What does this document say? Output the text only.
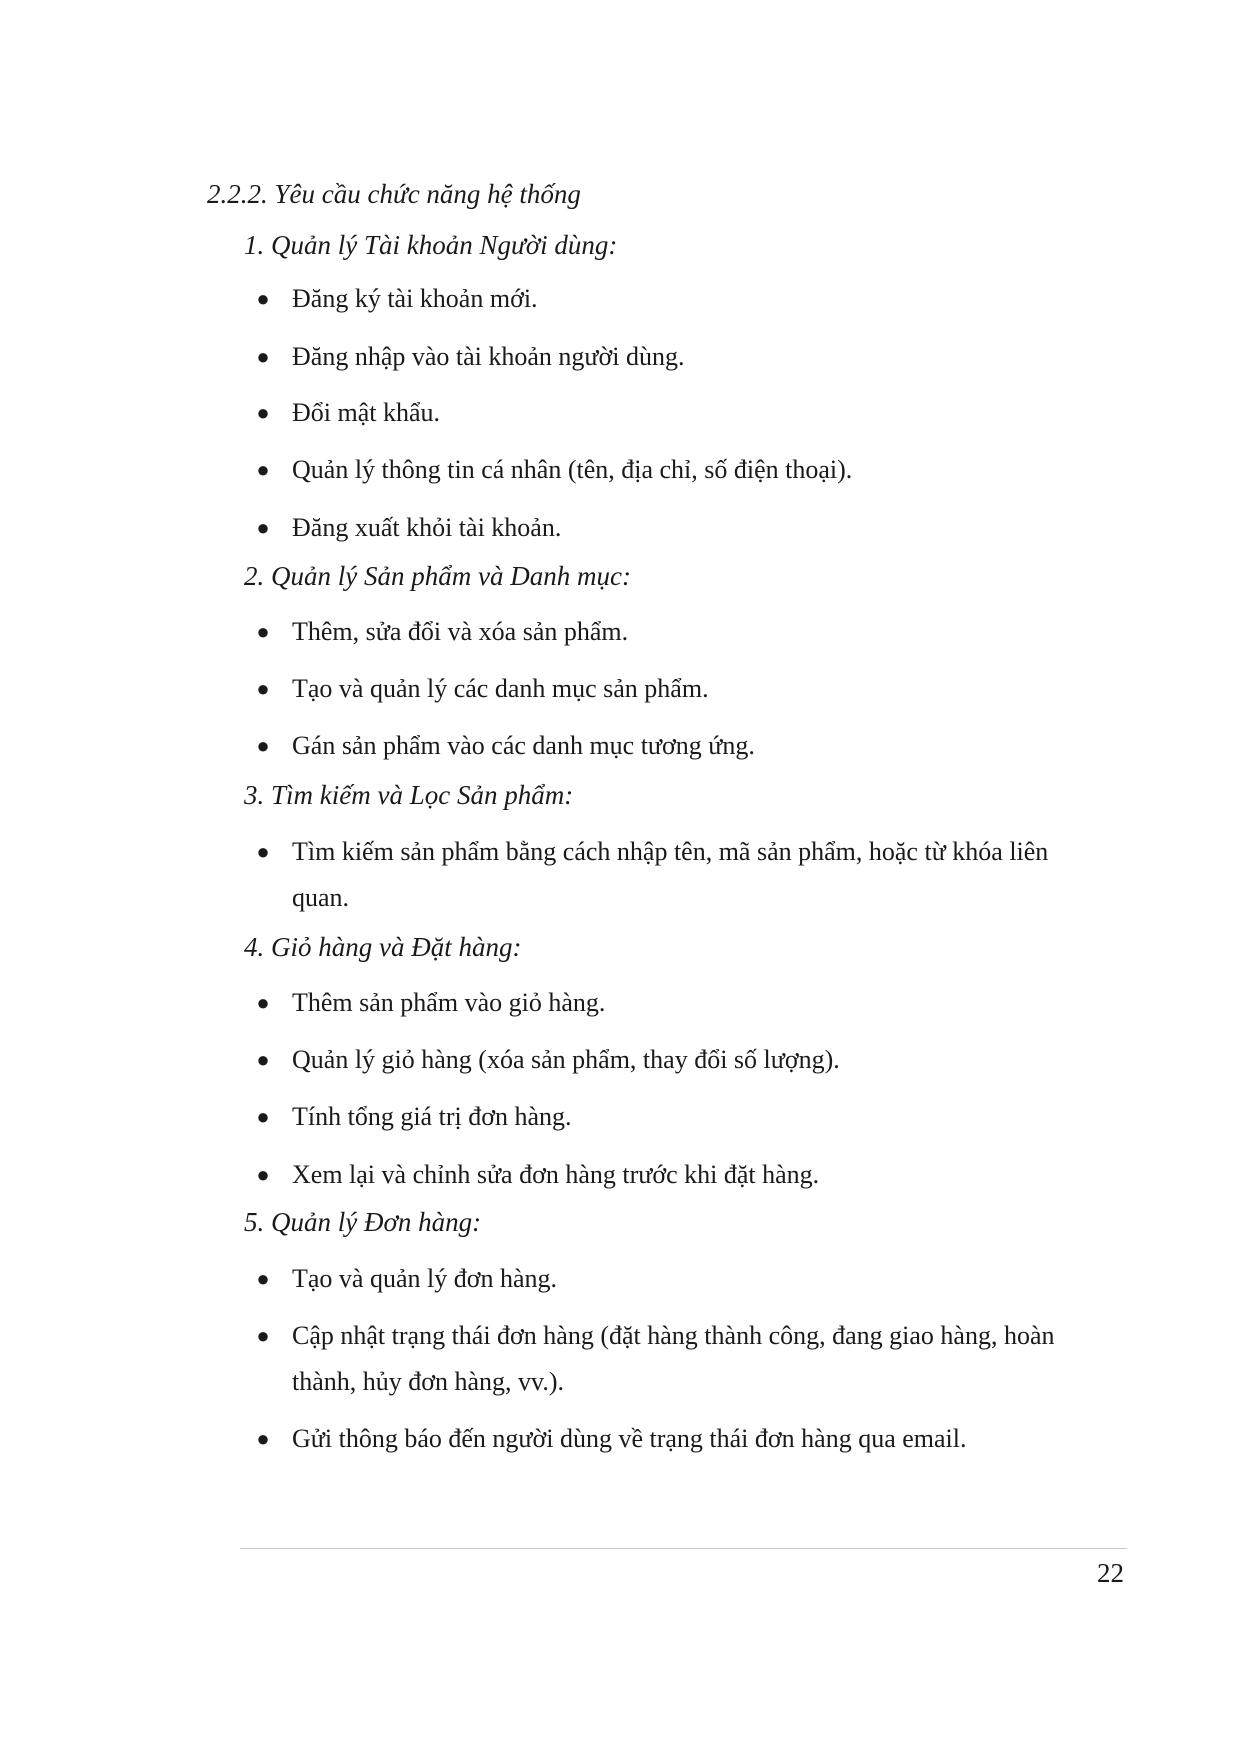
2.2.2. Yêu cầu chức năng hệ thống
1. Quản lý Tài khoản Người dùng:

● Đăng ký tài khoản mới.

● Đăng nhập vào tài khoản người dùng.

● Đổi mật khẩu.

● Quản lý thông tin cá nhân (tên, địa chỉ, số điện thoại).

● Đăng xuất khỏi tài khoản.

2. Quản lý Sản phẩm và Danh mục:

● Thêm, sửa đổi và xóa sản phẩm.

● Tạo và quản lý các danh mục sản phẩm.

● Gán sản phẩm vào các danh mục tương ứng.

3. Tìm kiếm và Lọc Sản phẩm:

● Tìm kiếm sản phẩm bằng cách nhập tên, mã sản phẩm, hoặc từ khóa liên quan.

4. Giỏ hàng và Đặt hàng:

● Thêm sản phẩm vào giỏ hàng.

● Quản lý giỏ hàng (xóa sản phẩm, thay đổi số lượng).

● Tính tổng giá trị đơn hàng.

● Xem lại và chỉnh sửa đơn hàng trước khi đặt hàng.

5. Quản lý Đơn hàng:

● Tạo và quản lý đơn hàng.

● Cập nhật trạng thái đơn hàng (đặt hàng thành công, đang giao hàng, hoàn thành, hủy đơn hàng, vv.).

● Gửi thông báo đến người dùng về trạng thái đơn hàng qua email.

22
